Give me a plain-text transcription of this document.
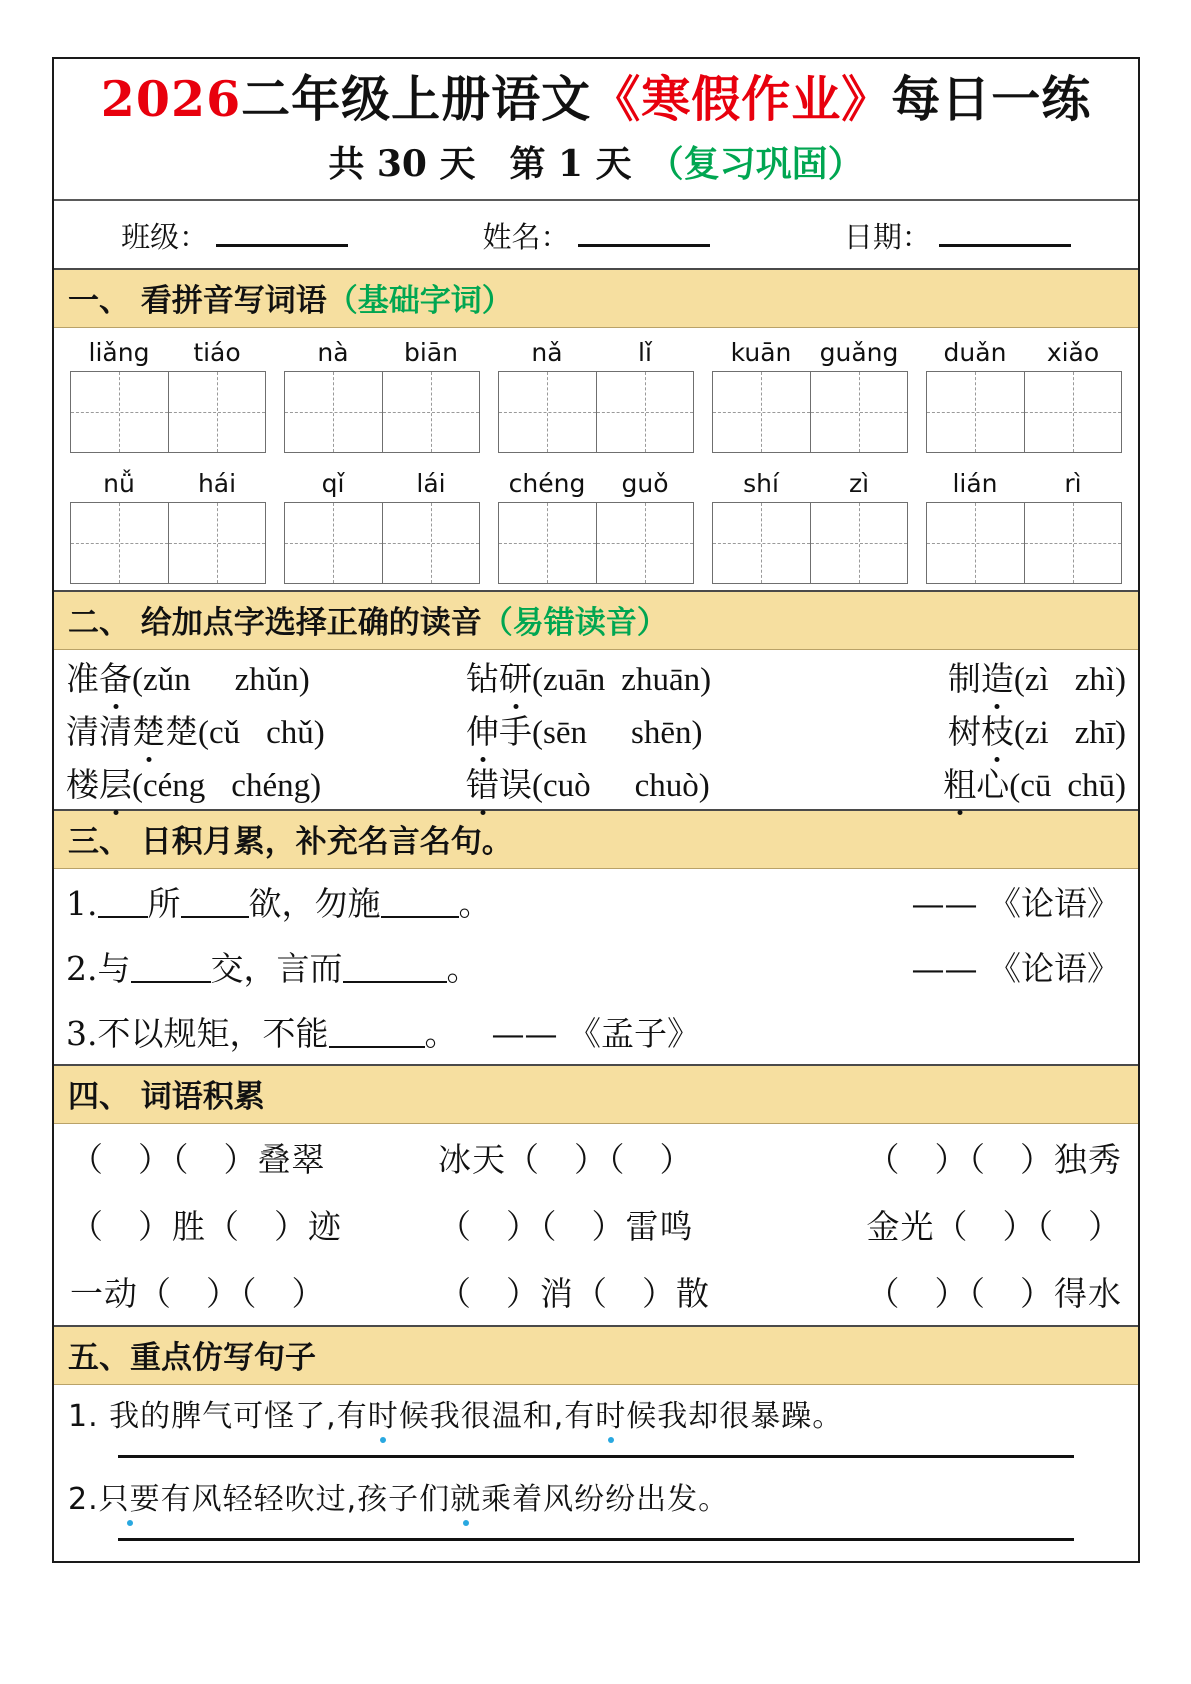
2026二年级上册语文《寒假作业》每日一练
共 30 天 第 1 天 （复习巩固）
班级：	姓名：	日期：
一、 看拼音写词语（基础字词）
liǎng	tiáo	nà	biān	nǎ	lǐ	kuān	guǎng	duǎn	xiǎo
nǚ	hái	qǐ	lái	chéng	guǒ	shí	zì	lián	rì
二、 给加点字选择正确的读音（易错读音）
准备(zǔn zhǔn)	钻研(zuān zhuān)	制造(zì zhì)
清清楚楚(cǔ chǔ)	伸手(sēn shēn)	树枝(zi zhī)
楼层(céng chéng)	错误(cuò chuò)	粗心(cū chū)
三、 日积月累，补充名言名句。
1. 所 欲，勿施 。	—— 《论语》
2.与 交，言而	。	—— 《论语》
3.不以规矩，不能	。 —— 《孟子》
四、 词语积累
（　）（　）叠翠	冰天（　）（　）	（　）（　）独秀
（　）胜（　）迹	（　）（　）雷鸣	金光（　）（　）
一动（　）（　）	（　）消（　）散	（　）（　）得水
五、重点仿写句子
1. 我的脾气可怪了,有时候我很温和,有时候我却很暴躁。
2.只要有风轻轻吹过,孩子们就乘着风纷纷出发。
